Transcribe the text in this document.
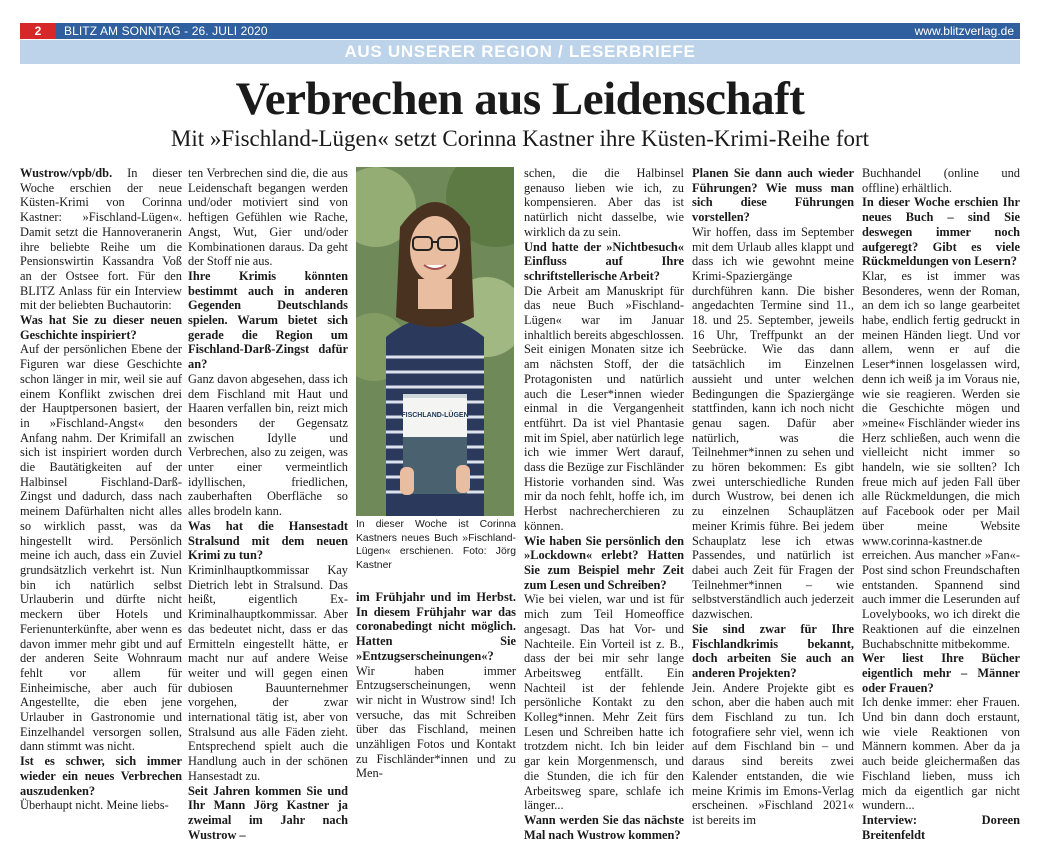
2	BLITZ AM SONNTAG - 26. JULI 2020	www.blitzverlag.de
AUS UNSERER REGION / LESERBRIEFE
Verbrechen aus Leidenschaft
Mit »Fischland-Lügen« setzt Corinna Kastner ihre Küsten-Krimi-Reihe fort

Wustrow/vpb/db. In dieser Woche erschien der neue Küsten-Krimi von Corinna Kastner: »Fischland-Lügen«. Damit setzt die Hannoveranerin ihre beliebte Reihe um die Pensionswirtin Kassandra Voß an der Ostsee fort. Für den BLITZ Anlass für ein Interview mit der beliebten Buchautorin:

Was hat Sie zu dieser neuen Geschichte inspiriert?

Auf der persönlichen Ebene der Figuren war diese Geschichte schon länger in mir, weil sie auf einem Konflikt zwischen drei der Hauptpersonen basiert, der in »Fischland-Angst« den Anfang nahm. Der Krimifall an sich ist inspiriert worden durch die Bautätigkeiten auf der Halbinsel Fischland-Darß-Zingst und dadurch, dass nach meinem Dafürhalten nicht alles so wirklich passt, was da hingestellt wird. Persönlich meine ich auch, dass ein Zuviel grundsätzlich verkehrt ist. Nun bin ich natürlich selbst Urlauberin und dürfte nicht meckern über Hotels und Ferienunterkünfte, aber wenn es davon immer mehr gibt und auf der anderen Seite Wohnraum fehlt vor allem für Einheimische, aber auch für Angestellte, die eben jene Urlauber in Gastronomie und Einzelhandel versorgen sollen, dann stimmt was nicht.

Ist es schwer, sich immer wieder ein neues Verbrechen auszudenken?

Überhaupt nicht. Meine liebs-

ten Verbrechen sind die, die aus Leidenschaft begangen werden und/oder motiviert sind von heftigen Gefühlen wie Rache, Angst, Wut, Gier und/oder Kombinationen daraus. Da geht der Stoff nie aus.

Ihre Krimis könnten bestimmt auch in anderen Gegenden Deutschlands spielen. Warum bietet sich gerade die Region um Fischland-Darß-Zingst dafür an?

Ganz davon abgesehen, dass ich dem Fischland mit Haut und Haaren verfallen bin, reizt mich besonders der Gegensatz zwischen Idylle und Verbrechen, also zu zeigen, was unter einer vermeintlich idyllischen, friedlichen, zauberhaften Oberfläche so alles brodeln kann.

Was hat die Hansestadt Stralsund mit dem neuen Krimi zu tun?

Kriminlhauptkommissar Kay Dietrich lebt in Stralsund. Das heißt, eigentlich Ex-Kriminalhauptkommissar. Aber das bedeutet nicht, dass er das Ermitteln eingestellt hätte, er macht nur auf andere Weise weiter und will gegen einen dubiosen Bauunternehmer vorgehen, der zwar international tätig ist, aber von Stralsund aus alle Fäden zieht. Entsprechend spielt auch die Handlung auch in der schönen Hansestadt zu.

Seit Jahren kommen Sie und Ihr Mann Jörg Kastner ja zweimal im Jahr nach Wustrow –

FISCHLAND-LÜGEN
In dieser Woche ist Corinna Kastners neues Buch »Fischland-Lügen« erschienen. Foto: Jörg Kastner

im Frühjahr und im Herbst. In diesem Frühjahr war das coronabedingt nicht möglich. Hatten Sie »Entzugserscheinungen«?

Wir haben immer Entzugserscheinungen, wenn wir nicht in Wustrow sind! Ich versuche, das mit Schreiben über das Fischland, meinen unzähligen Fotos und Kontakt zu Fischländer*innen und zu Men-

schen, die die Halbinsel genauso lieben wie ich, zu kompensieren. Aber das ist natürlich nicht dasselbe, wie wirklich da zu sein.

Und hatte der »Nichtbesuch« Einfluss auf Ihre schriftstellerische Arbeit?

Die Arbeit am Manuskript für das neue Buch »Fischland-Lügen« war im Januar inhaltlich bereits abgeschlossen. Seit einigen Monaten sitze ich am nächsten Stoff, der die Protagonisten und natürlich auch die Leser*innen wieder einmal in die Vergangenheit entführt. Da ist viel Phantasie mit im Spiel, aber natürlich lege ich wie immer Wert darauf, dass die Bezüge zur Fischländer Historie vorhanden sind. Was mir da noch fehlt, hoffe ich, im Herbst nachrecherchieren zu können.

Wie haben Sie persönlich den »Lockdown« erlebt? Hatten Sie zum Beispiel mehr Zeit zum Lesen und Schreiben?

Wie bei vielen, war und ist für mich zum Teil Homeoffice angesagt. Das hat Vor- und Nachteile. Ein Vorteil ist z. B., dass der bei mir sehr lange Arbeitsweg entfällt. Ein Nachteil ist der fehlende persönliche Kontakt zu den Kolleg*innen. Mehr Zeit fürs Lesen und Schreiben hatte ich trotzdem nicht. Ich bin leider gar kein Morgenmensch, und die Stunden, die ich für den Arbeitsweg spare, schlafe ich länger...

Wann werden Sie das nächste Mal nach Wustrow kommen?

Planen Sie dann auch wieder Führungen? Wie muss man sich diese Führungen vorstellen?

Wir hoffen, dass im September mit dem Urlaub alles klappt und dass ich wie gewohnt meine Krimi-Spaziergänge durchführen kann. Die bisher angedachten Termine sind 11., 18. und 25. September, jeweils 16 Uhr, Treffpunkt an der Seebrücke. Wie das dann tatsächlich im Einzelnen aussieht und unter welchen Bedingungen die Spaziergänge stattfinden, kann ich noch nicht genau sagen. Dafür aber natürlich, was die Teilnehmer*innen zu sehen und zu hören bekommen: Es gibt zwei unterschiedliche Runden durch Wustrow, bei denen ich zu einzelnen Schauplätzen meiner Krimis führe. Bei jedem Schauplatz lese ich etwas Passendes, und natürlich ist dabei auch Zeit für Fragen der Teilnehmer*innen – wie selbstverständlich auch jederzeit dazwischen.

Sie sind zwar für Ihre Fischlandkrimis bekannt, doch arbeiten Sie auch an anderen Projekten?

Jein. Andere Projekte gibt es schon, aber die haben auch mit dem Fischland zu tun. Ich fotografiere sehr viel, wenn ich auf dem Fischland bin – und daraus sind bereits zwei Kalender entstanden, die wie meine Krimis im Emons-Verlag erscheinen. »Fischland 2021« ist bereits im

Buchhandel (online und offline) erhältlich.

In dieser Woche erschien Ihr neues Buch – sind Sie deswegen immer noch aufgeregt? Gibt es viele Rückmeldungen von Lesern?

Klar, es ist immer was Besonderes, wenn der Roman, an dem ich so lange gearbeitet habe, endlich fertig gedruckt in meinen Händen liegt. Und vor allem, wenn er auf die Leser*innen losgelassen wird, denn ich weiß ja im Voraus nie, wie sie reagieren. Werden sie die Geschichte mögen und »meine« Fischländer wieder ins Herz schließen, auch wenn die vielleicht nicht immer so handeln, wie sie sollten? Ich freue mich auf jeden Fall über alle Rückmeldungen, die mich auf Facebook oder per Mail über meine Website www.corinna-kastner.de erreichen. Aus mancher »Fan«-Post sind schon Freundschaften entstanden. Spannend sind auch immer die Leserunden auf Lovelybooks, wo ich direkt die Reaktionen auf die einzelnen Buchabschnitte mitbekomme.

Wer liest Ihre Bücher eigentlich mehr – Männer oder Frauen?

Ich denke immer: eher Frauen. Und bin dann doch erstaunt, wie viele Reaktionen von Männern kommen. Aber da ja auch beide gleichermaßen das Fischland lieben, muss ich mich da eigentlich gar nicht wundern...

Interview: Doreen Breitenfeldt
